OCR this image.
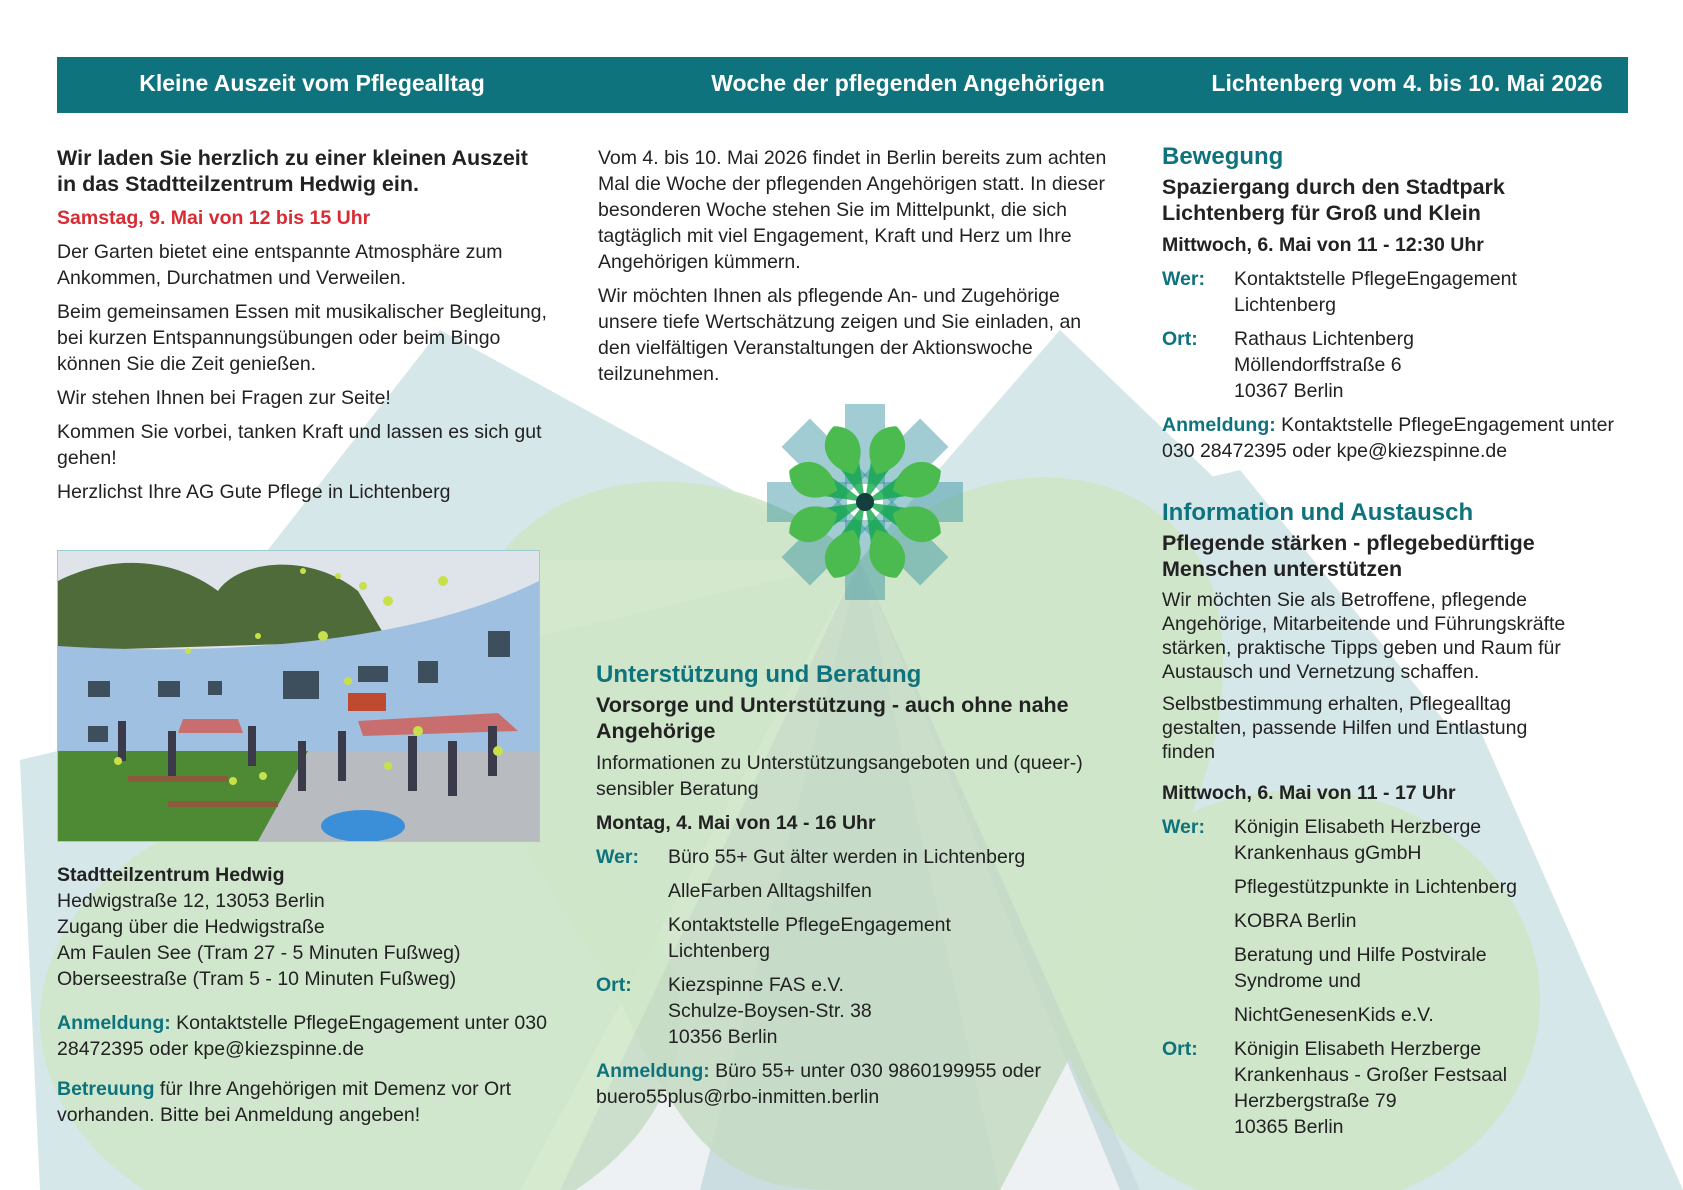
Kleine Auszeit vom Pflegealltag	Woche der pflegenden Angehörigen	Lichtenberg vom 4. bis 10. Mai 2026

Wir laden Sie herzlich zu einer kleinen Auszeit in das Stadtteilzentrum Hedwig ein.

Samstag, 9. Mai von 12 bis 15 Uhr

Der Garten bietet eine entspannte Atmosphäre zum Ankommen, Durchatmen und Verweilen.

Beim gemeinsamen Essen mit musikalischer Begleitung, bei kurzen Entspannungsübungen oder beim Bingo können Sie die Zeit genießen.

Wir stehen Ihnen bei Fragen zur Seite!

Kommen Sie vorbei, tanken Kraft und lassen es sich gut gehen!

Herzlichst Ihre AG Gute Pflege in Lichtenberg

Stadtteilzentrum Hedwig
Hedwigstraße 12, 13053 Berlin
Zugang über die Hedwigstraße
Am Faulen See (Tram 27 - 5 Minuten Fußweg)
Oberseestraße (Tram 5 - 10 Minuten Fußweg)

Anmeldung: Kontaktstelle PflegeEngagement unter 030 28472395 oder kpe@kiezspinne.de

Betreuung für Ihre Angehörigen mit Demenz vor Ort vorhanden. Bitte bei Anmeldung angeben!

Vom 4. bis 10. Mai 2026 findet in Berlin bereits zum achten Mal die Woche der pflegenden Angehörigen statt. In dieser besonderen Woche stehen Sie im Mittelpunkt, die sich tagtäglich mit viel Engagement, Kraft und Herz um Ihre Angehörigen kümmern.

Wir möchten Ihnen als pflegende An- und Zugehörige unsere tiefe Wertschätzung zeigen und Sie einladen, an den vielfältigen Veranstaltungen der Aktionswoche teilzunehmen.

Unterstützung und Beratung
Vorsorge und Unterstützung - auch ohne nahe Angehörige

Informationen zu Unterstützungsangeboten und (queer-) sensibler Beratung

Montag, 4. Mai von 14 - 16 Uhr

Wer:	Büro 55+ Gut älter werden in Lichtenberg
AlleFarben Alltagshilfen
Kontaktstelle PflegeEngagement Lichtenberg
Ort:	Kiezspinne FAS e.V.
Schulze-Boysen-Str. 38
10356 Berlin

Anmeldung: Büro 55+ unter 030 9860199955 oder buero55plus@rbo-inmitten.berlin

Bewegung
Spaziergang durch den Stadtpark Lichtenberg für Groß und Klein

Mittwoch, 6. Mai von 11 - 12:30 Uhr

Wer:	Kontaktstelle PflegeEngagement Lichtenberg
Ort:	Rathaus Lichtenberg
Möllendorffstraße 6
10367 Berlin

Anmeldung: Kontaktstelle PflegeEngagement unter 030 28472395 oder kpe@kiezspinne.de

Information und Austausch
Pflegende stärken - pflegebedürftige Menschen unterstützen

Wir möchten Sie als Betroffene, pflegende Angehörige, Mitarbeitende und Führungskräfte stärken, praktische Tipps geben und Raum für Austausch und Vernetzung schaffen.

Selbstbestimmung erhalten, Pflegealltag gestalten, passende Hilfen und Entlastung finden

Mittwoch, 6. Mai von 11 - 17 Uhr

Wer:	Königin Elisabeth Herzberge Krankenhaus gGmbH
Pflegestützpunkte in Lichtenberg
KOBRA Berlin
Beratung und Hilfe Postvirale Syndrome und
NichtGenesenKids e.V.
Ort:	Königin Elisabeth Herzberge
Krankenhaus - Großer Festsaal
Herzbergstraße 79
10365 Berlin
